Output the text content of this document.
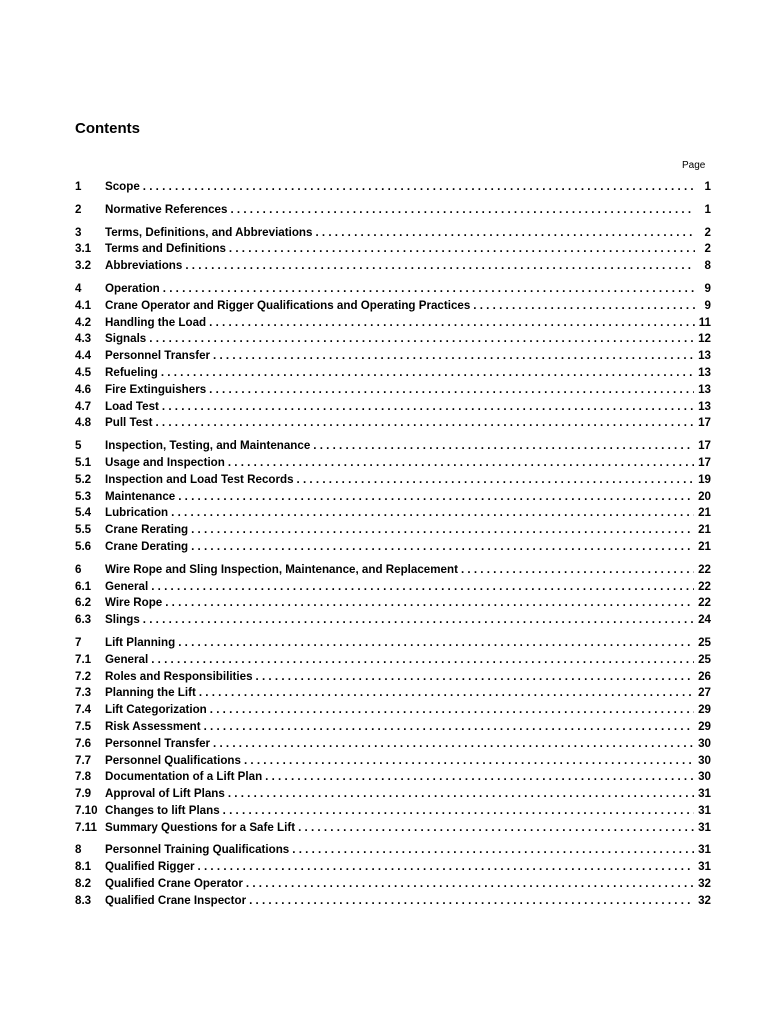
Contents
Page
1	Scope . . .	1
2	Normative References . . .	1
3	Terms, Definitions, and Abbreviations . . .	2
3.1	Terms and Definitions . . .	2
3.2	Abbreviations . . .	8
4	Operation . . .	9
4.1	Crane Operator and Rigger Qualifications and Operating Practices . . .	9
4.2	Handling the Load . . .	11
4.3	Signals . . .	12
4.4	Personnel Transfer . . .	13
4.5	Refueling . . .	13
4.6	Fire Extinguishers . . .	13
4.7	Load Test . . .	13
4.8	Pull Test . . .	17
5	Inspection, Testing, and Maintenance . . .	17
5.1	Usage and Inspection . . .	17
5.2	Inspection and Load Test Records . . .	19
5.3	Maintenance . . .	20
5.4	Lubrication . . .	21
5.5	Crane Rerating . . .	21
5.6	Crane Derating . . .	21
6	Wire Rope and Sling Inspection, Maintenance, and Replacement . . .	22
6.1	General . . .	22
6.2	Wire Rope . . .	22
6.3	Slings . . .	24
7	Lift Planning . . .	25
7.1	General . . .	25
7.2	Roles and Responsibilities . . .	26
7.3	Planning the Lift . . .	27
7.4	Lift Categorization . . .	29
7.5	Risk Assessment . . .	29
7.6	Personnel Transfer . . .	30
7.7	Personnel Qualifications . . .	30
7.8	Documentation of a Lift Plan . . .	30
7.9	Approval of Lift Plans . . .	31
7.10 Changes to lift Plans . . .	31
7.11 Summary Questions for a Safe Lift . . .	31
8	Personnel Training Qualifications . . .	31
8.1	Qualified Rigger . . .	31
8.2	Qualified Crane Operator . . .	32
8.3	Qualified Crane Inspector . . .	32
